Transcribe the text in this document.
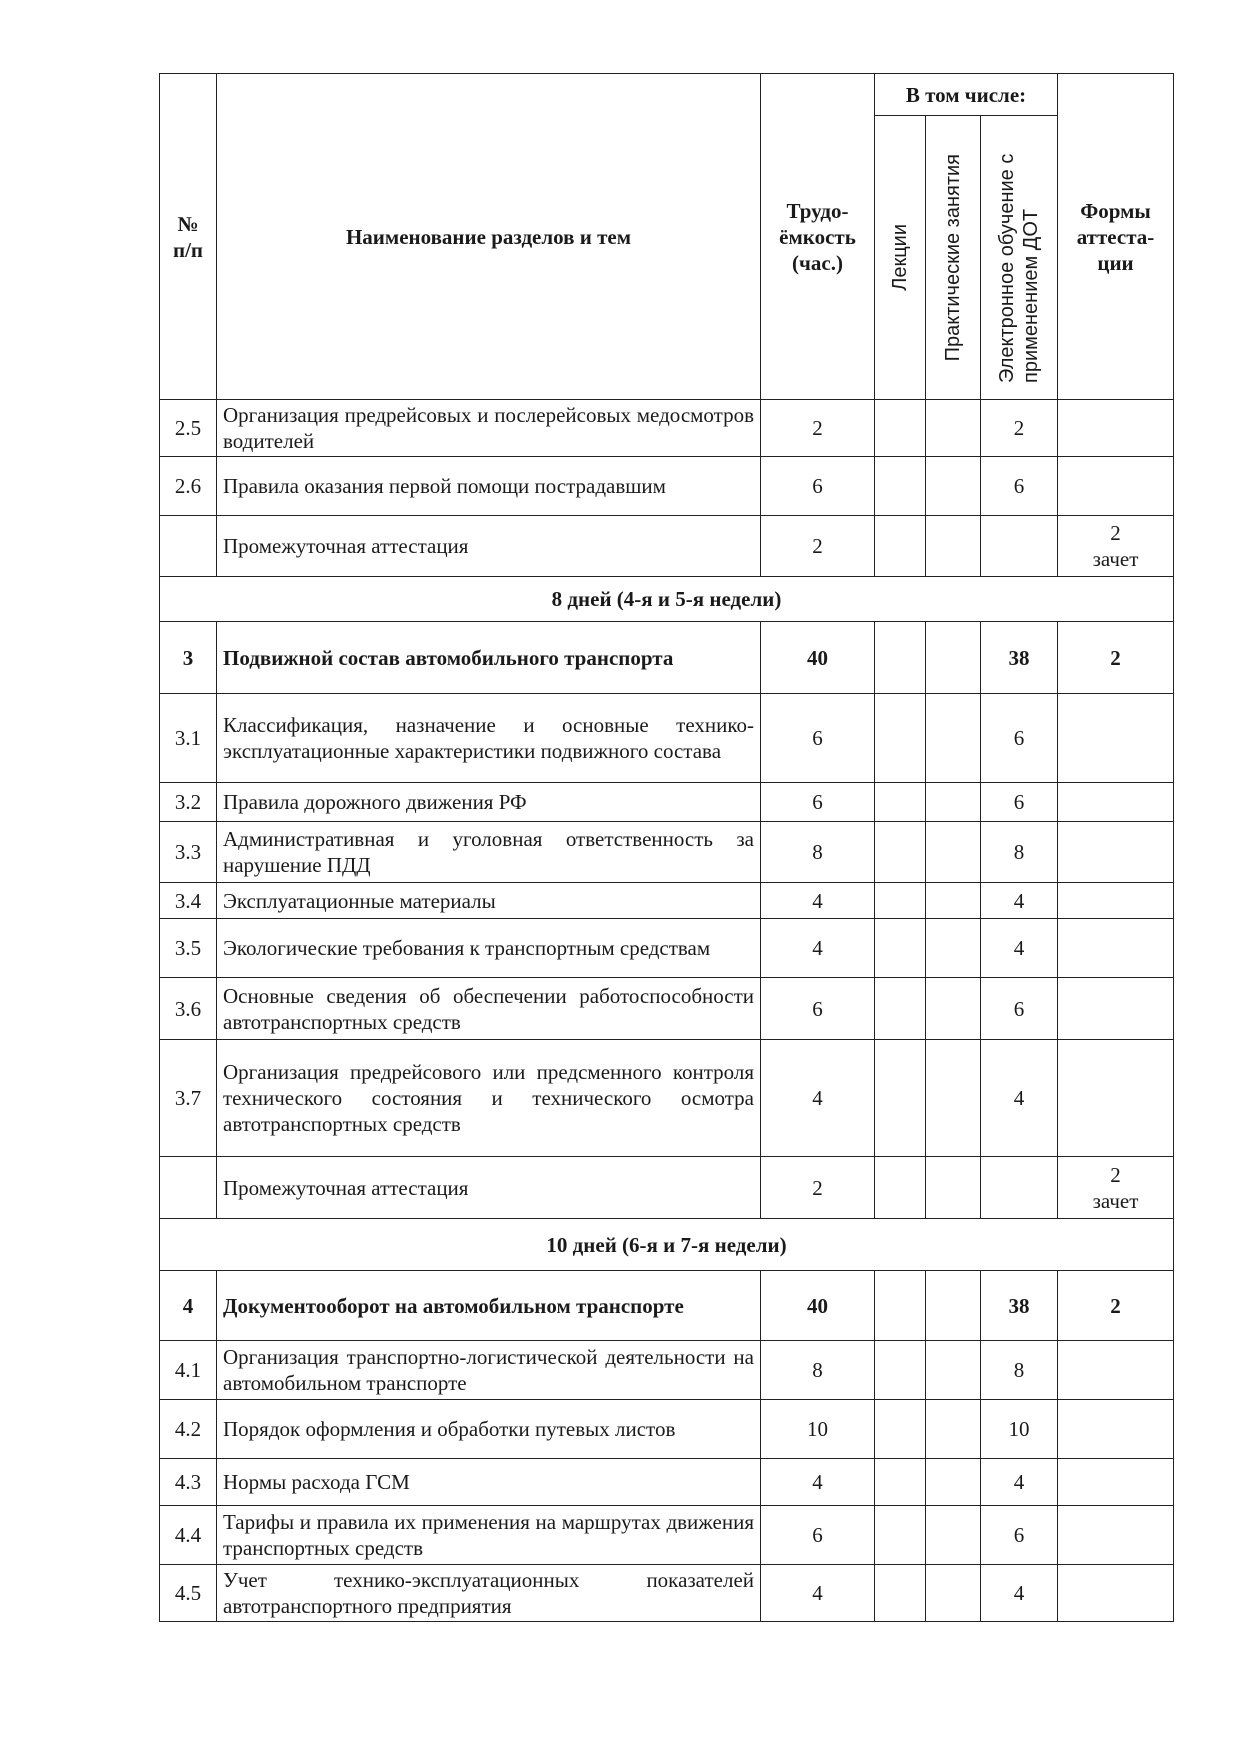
№ п/п	Наименование разделов и тем	Трудо-ёмкость (час.)	В том числе:			Формы аттеста-ции

			Лекции	Практические занятия	Электронное обучение с применением ДОТ	

2.5	Организация предрейсовых и послерейсовых медосмотров водителей	2			2	
2.6	Правила оказания первой помощи пострадавшим	6			6	
	Промежуточная аттестация	2				2
зачет

8 дней (4-я и 5-я недели)						
3	Подвижной состав автомобильного транспорта	40			38	2
3.1	Классификация, назначение и основные технико-эксплуатационные характеристики подвижного состава	6			6	
3.2	Правила дорожного движения РФ	6			6	
3.3	Административная и уголовная ответственность за нарушение ПДД	8			8	
3.4	Эксплуатационные материалы	4			4	
3.5	Экологические требования к транспортным средствам	4			4	
3.6	Основные сведения об обеспечении работоспособности автотранспортных средств	6			6	
3.7	Организация предрейсового или предсменного контроля технического состояния и технического осмотра автотранспортных средств	4			4	
	Промежуточная аттестация	2				2
зачет

10 дней (6-я и 7-я недели)						
4	Документооборот на автомобильном транспорте	40			38	2
4.1	Организация транспортно-логистической деятельности на автомобильном транспорте	8			8	
4.2	Порядок оформления и обработки путевых листов	10			10	
4.3	Нормы расхода ГСМ	4			4	
4.4	Тарифы и правила их применения на маршрутах движения транспортных средств	6			6	
4.5	Учет технико-эксплуатационных показателей автотранспортного предприятия	4			4	
